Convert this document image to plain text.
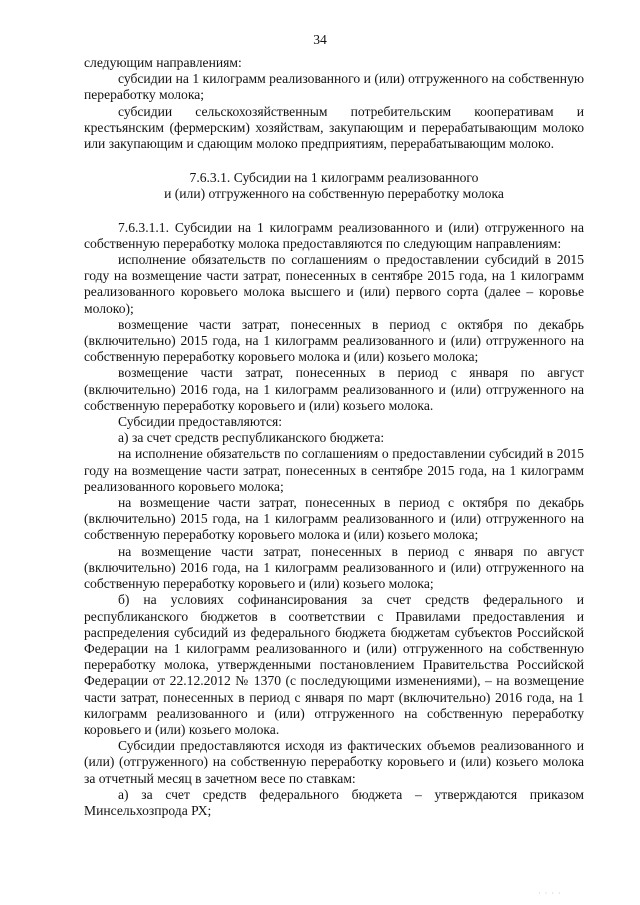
34

следующим направлениям:

субсидии на 1 килограмм реализованного и (или) отгруженного на собственную переработку молока;

субсидии сельскохозяйственным потребительским кооперативам и крестьянским (фермерским) хозяйствам, закупающим и перерабатывающим молоко или закупающим и сдающим молоко предприятиям, перерабатывающим молоко.

7.6.3.1. Субсидии на 1 килограмм реализованного
и (или) отгруженного на собственную переработку молока

7.6.3.1.1. Субсидии на 1 килограмм реализованного и (или) отгруженного на собственную переработку молока предоставляются по следующим направлениям:

исполнение обязательств по соглашениям о предоставлении субсидий в 2015 году на возмещение части затрат, понесенных в сентябре 2015 года, на 1 килограмм реализованного коровьего молока высшего и (или) первого сорта (далее – коровье молоко);

возмещение части затрат, понесенных в период с октября по декабрь (включительно) 2015 года, на 1 килограмм реализованного и (или) отгруженного на собственную переработку коровьего молока и (или) козьего молока;

возмещение части затрат, понесенных в период с января по август (включительно) 2016 года, на 1 килограмм реализованного и (или) отгруженного на собственную переработку коровьего и (или) козьего молока.

Субсидии предоставляются:

а) за счет средств республиканского бюджета:

на исполнение обязательств по соглашениям о предоставлении субсидий в 2015 году на возмещение части затрат, понесенных в сентябре 2015 года, на 1 килограмм реализованного коровьего молока;

на возмещение части затрат, понесенных в период с октября по декабрь (включительно) 2015 года, на 1 килограмм реализованного и (или) отгруженного на собственную переработку коровьего молока и (или) козьего молока;

на возмещение части затрат, понесенных в период с января по август (включительно) 2016 года, на 1 килограмм реализованного и (или) отгруженного на собственную переработку коровьего и (или) козьего молока;

б) на условиях софинансирования за счет средств федерального и республиканского бюджетов в соответствии с Правилами предоставления и распределения субсидий из федерального бюджета бюджетам субъектов Российской Федерации на 1 килограмм реализованного и (или) отгруженного на собственную переработку молока, утвержденными постановлением Правительства Российской Федерации от 22.12.2012 № 1370 (с последующими изменениями), – на возмещение части затрат, понесенных в период с января по март (включительно) 2016 года, на 1 килограмм реализованного и (или) отгруженного на собственную переработку коровьего и (или) козьего молока.

Субсидии предоставляются исходя из фактических объемов реализованного и (или) (отгруженного) на собственную переработку коровьего и (или) козьего молока за отчетный месяц в зачетном весе по ставкам:

а) за счет средств федерального бюджета – утверждаются приказом Минсельхозпрода РХ;

· · · ·
